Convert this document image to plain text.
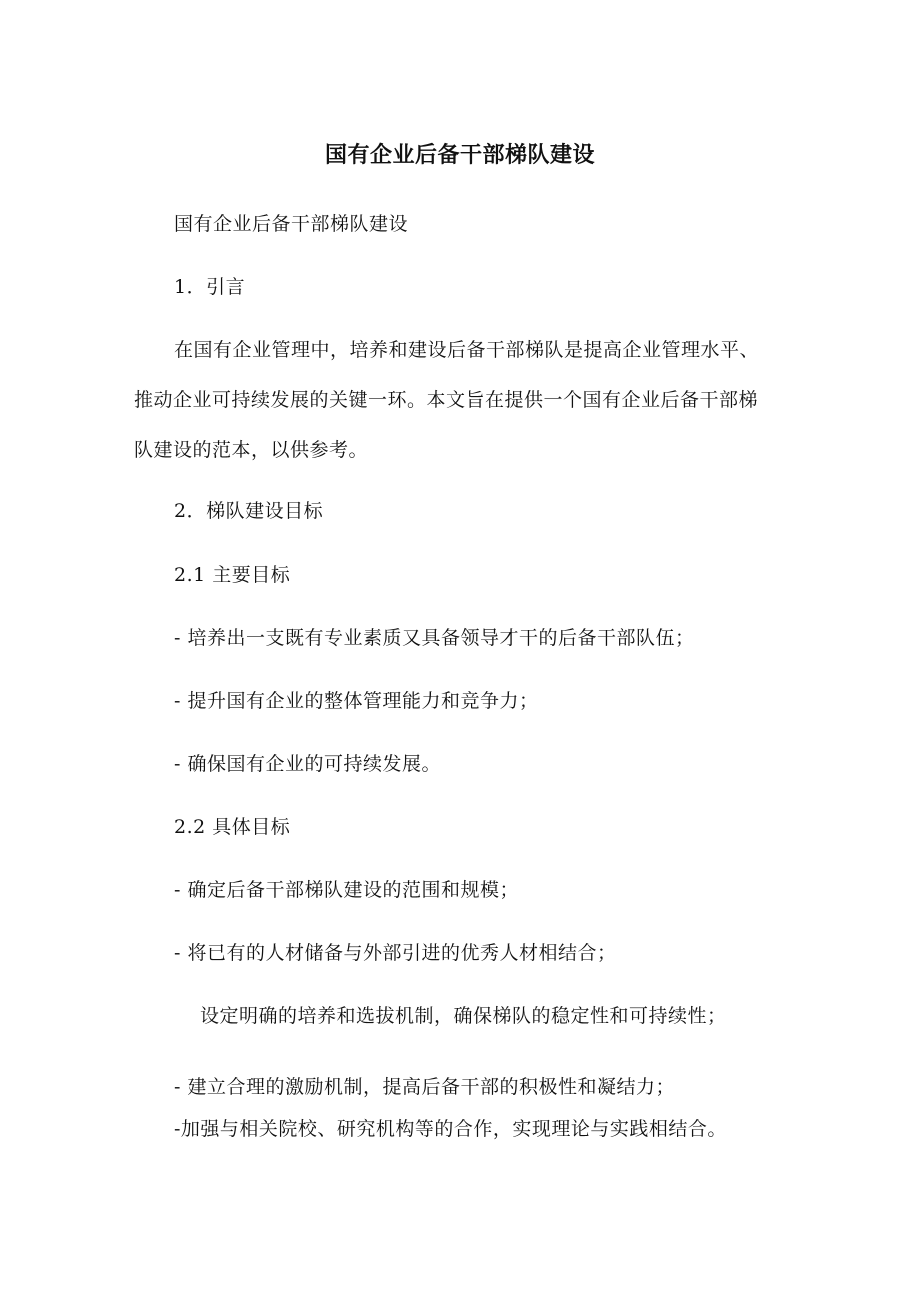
国有企业后备干部梯队建设
国有企业后备干部梯队建设
1．引言
在国有企业管理中，培养和建设后备干部梯队是提高企业管理水平、
推动企业可持续发展的关键一环。本文旨在提供一个国有企业后备干部梯
队建设的范本，以供参考。
2．梯队建设目标
2.1 主要目标
- 培养出一支既有专业素质又具备领导才干的后备干部队伍；
- 提升国有企业的整体管理能力和竞争力；
- 确保国有企业的可持续发展。
2.2 具体目标
- 确定后备干部梯队建设的范围和规模；
- 将已有的人材储备与外部引进的优秀人材相结合；
设定明确的培养和选拔机制，确保梯队的稳定性和可持续性；
- 建立合理的激励机制，提高后备干部的积极性和凝结力；
-加强与相关院校、研究机构等的合作，实现理论与实践相结合。
